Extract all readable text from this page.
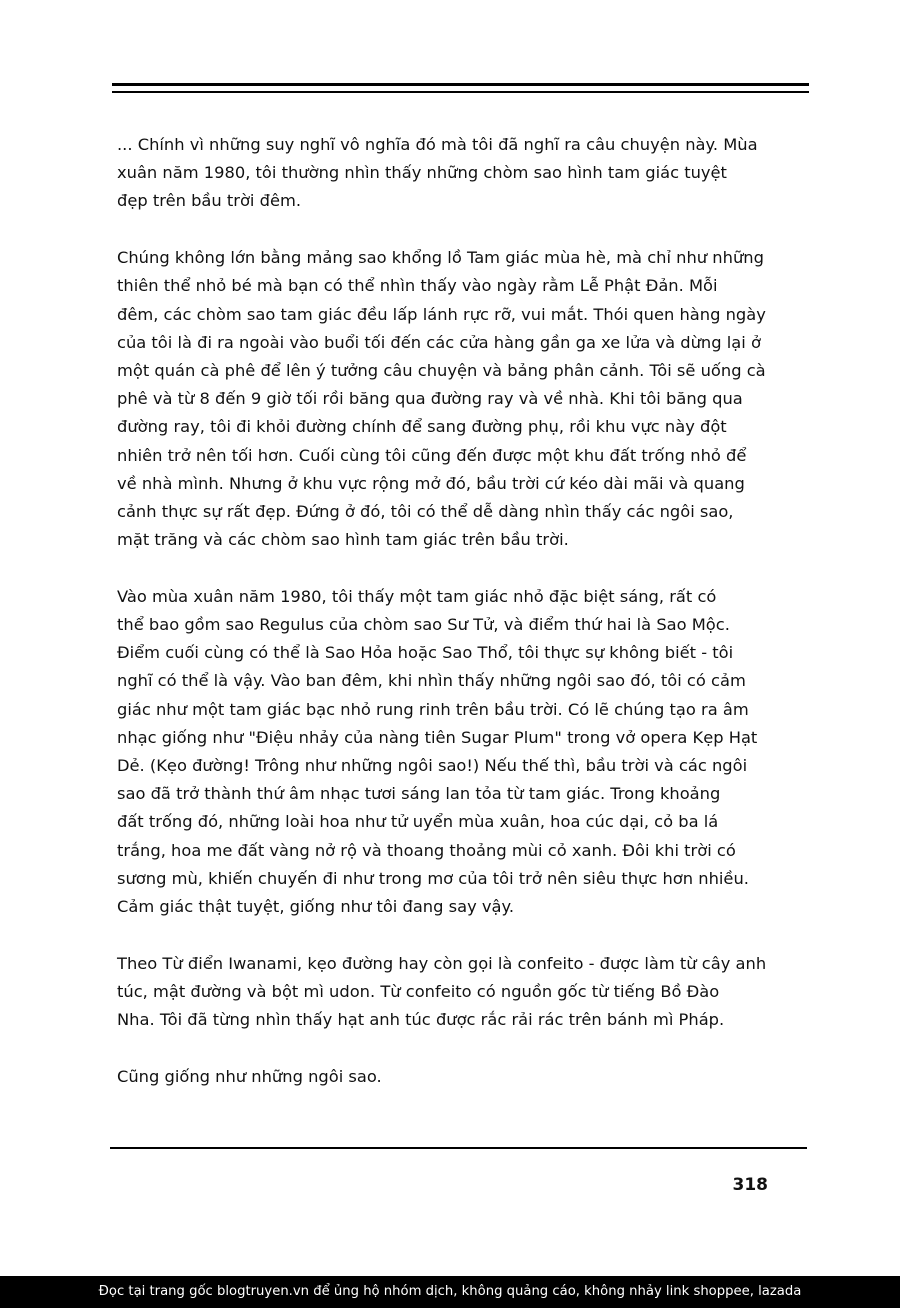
... Chính vì những suy nghĩ vô nghĩa đó mà tôi đã nghĩ ra câu chuyện này. Mùa
xuân năm 1980, tôi thường nhìn thấy những chòm sao hình tam giác tuyệt
đẹp trên bầu trời đêm.
Chúng không lớn bằng mảng sao khổng lồ Tam giác mùa hè, mà chỉ như những
thiên thể nhỏ bé mà bạn có thể nhìn thấy vào ngày rằm Lễ Phật Đản. Mỗi
đêm, các chòm sao tam giác đều lấp lánh rực rỡ, vui mắt. Thói quen hàng ngày
của tôi là đi ra ngoài vào buổi tối đến các cửa hàng gần ga xe lửa và dừng lại ở
một quán cà phê để lên ý tưởng câu chuyện và bảng phân cảnh. Tôi sẽ uống cà
phê và từ 8 đến 9 giờ tối rồi băng qua đường ray và về nhà. Khi tôi băng qua
đường ray, tôi đi khỏi đường chính để sang đường phụ, rồi khu vực này đột
nhiên trở nên tối hơn. Cuối cùng tôi cũng đến được một khu đất trống nhỏ để
về nhà mình. Nhưng ở khu vực rộng mở đó, bầu trời cứ kéo dài mãi và quang
cảnh thực sự rất đẹp. Đứng ở đó, tôi có thể dễ dàng nhìn thấy các ngôi sao,
mặt trăng và các chòm sao hình tam giác trên bầu trời.
Vào mùa xuân năm 1980, tôi thấy một tam giác nhỏ đặc biệt sáng, rất có
thể bao gồm sao Regulus của chòm sao Sư Tử, và điểm thứ hai là Sao Mộc.
Điểm cuối cùng có thể là Sao Hỏa hoặc Sao Thổ, tôi thực sự không biết - tôi
nghĩ có thể là vậy. Vào ban đêm, khi nhìn thấy những ngôi sao đó, tôi có cảm
giác như một tam giác bạc nhỏ rung rinh trên bầu trời. Có lẽ chúng tạo ra âm
nhạc giống như "Điệu nhảy của nàng tiên Sugar Plum" trong vở opera Kẹp Hạt
Dẻ. (Kẹo đường! Trông như những ngôi sao!) Nếu thế thì, bầu trời và các ngôi
sao đã trở thành thứ âm nhạc tươi sáng lan tỏa từ tam giác. Trong khoảng
đất trống đó, những loài hoa như tử uyển mùa xuân, hoa cúc dại, cỏ ba lá
trắng, hoa me đất vàng nở rộ và thoang thoảng mùi cỏ xanh. Đôi khi trời có
sương mù, khiến chuyến đi như trong mơ của tôi trở nên siêu thực hơn nhiều.
Cảm giác thật tuyệt, giống như tôi đang say vậy.
Theo Từ điển Iwanami, kẹo đường hay còn gọi là confeito - được làm từ cây anh
túc, mật đường và bột mì udon. Từ confeito có nguồn gốc từ tiếng Bồ Đào
Nha. Tôi đã từng nhìn thấy hạt anh túc được rắc rải rác trên bánh mì Pháp.
Cũng giống như những ngôi sao.
318
Đọc tại trang gốc blogtruyen.vn để ủng hộ nhóm dịch, không quảng cáo, không nhảy link shoppee, lazada
